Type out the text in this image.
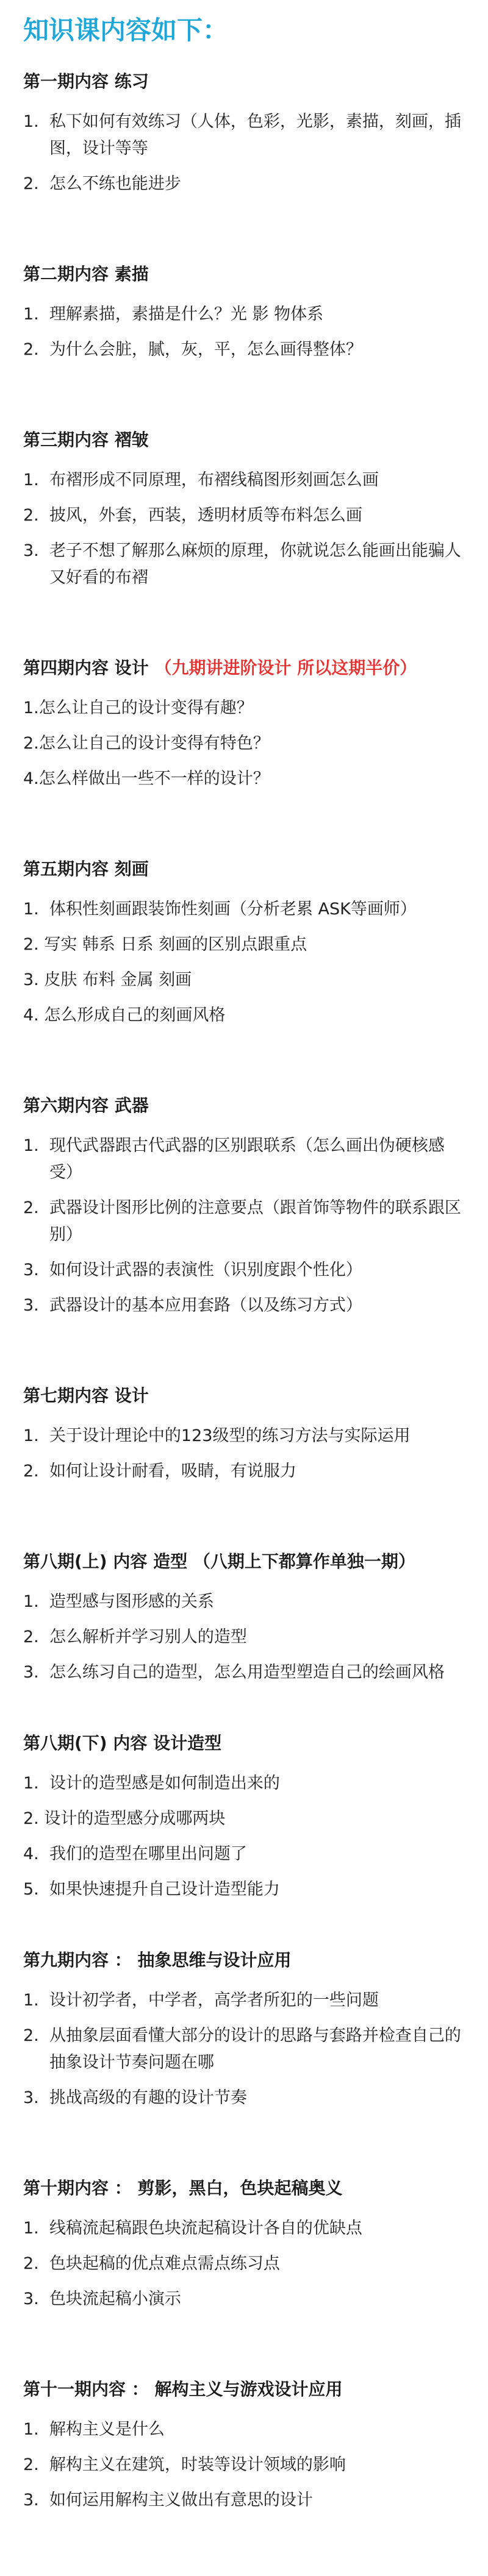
知识课内容如下：
第一期内容 练习
1. 私下如何有效练习（人体，色彩，光影，素描，刻画，插图，设计等等
2. 怎么不练也能进步
第二期内容 素描
1. 理解素描，素描是什么？光 影 物体系
2. 为什么会脏，腻，灰，平，怎么画得整体？
第三期内容 褶皱
1. 布褶形成不同原理，布褶线稿图形刻画怎么画
2. 披风，外套，西装，透明材质等布料怎么画
3. 老子不想了解那么麻烦的原理，你就说怎么能画出能骗人又好看的布褶
第四期内容 设计 （九期讲进阶设计 所以这期半价）
1. 怎么让自己的设计变得有趣？
2. 怎么让自己的设计变得有特色？
4. 怎么样做出一些不一样的设计？
第五期内容 刻画
1. 体积性刻画跟装饰性刻画（分析老累 ASK等画师）
2. 写实 韩系 日系 刻画的区别点跟重点
3. 皮肤 布料 金属 刻画
4. 怎么形成自己的刻画风格
第六期内容 武器
1. 现代武器跟古代武器的区别跟联系（怎么画出伪硬核感受）
2. 武器设计图形比例的注意要点（跟首饰等物件的联系跟区别）
3. 如何设计武器的表演性（识别度跟个性化）
3. 武器设计的基本应用套路（以及练习方式）
第七期内容 设计
1. 关于设计理论中的123级型的练习方法与实际运用
2. 如何让设计耐看，吸睛，有说服力
第八期(上) 内容 造型 （八期上下都算作单独一期）
1. 造型感与图形感的关系
2. 怎么解析并学习别人的造型
3. 怎么练习自己的造型，怎么用造型塑造自己的绘画风格
第八期(下) 内容 设计造型
1. 设计的造型感是如何制造出来的
2. 设计的造型感分成哪两块
4. 我们的造型在哪里出问题了
5. 如果快速提升自己设计造型能力
第九期内容 ： 抽象思维与设计应用
1. 设计初学者，中学者，高学者所犯的一些问题
2. 从抽象层面看懂大部分的设计的思路与套路并检查自己的抽象设计节奏问题在哪
3. 挑战高级的有趣的设计节奏
第十期内容 ： 剪影，黑白，色块起稿奥义
1. 线稿流起稿跟色块流起稿设计各自的优缺点
2. 色块起稿的优点难点需点练习点
3. 色块流起稿小演示
第十一期内容 ： 解构主义与游戏设计应用
1. 解构主义是什么
2. 解构主义在建筑，时装等设计领域的影响
3. 如何运用解构主义做出有意思的设计
